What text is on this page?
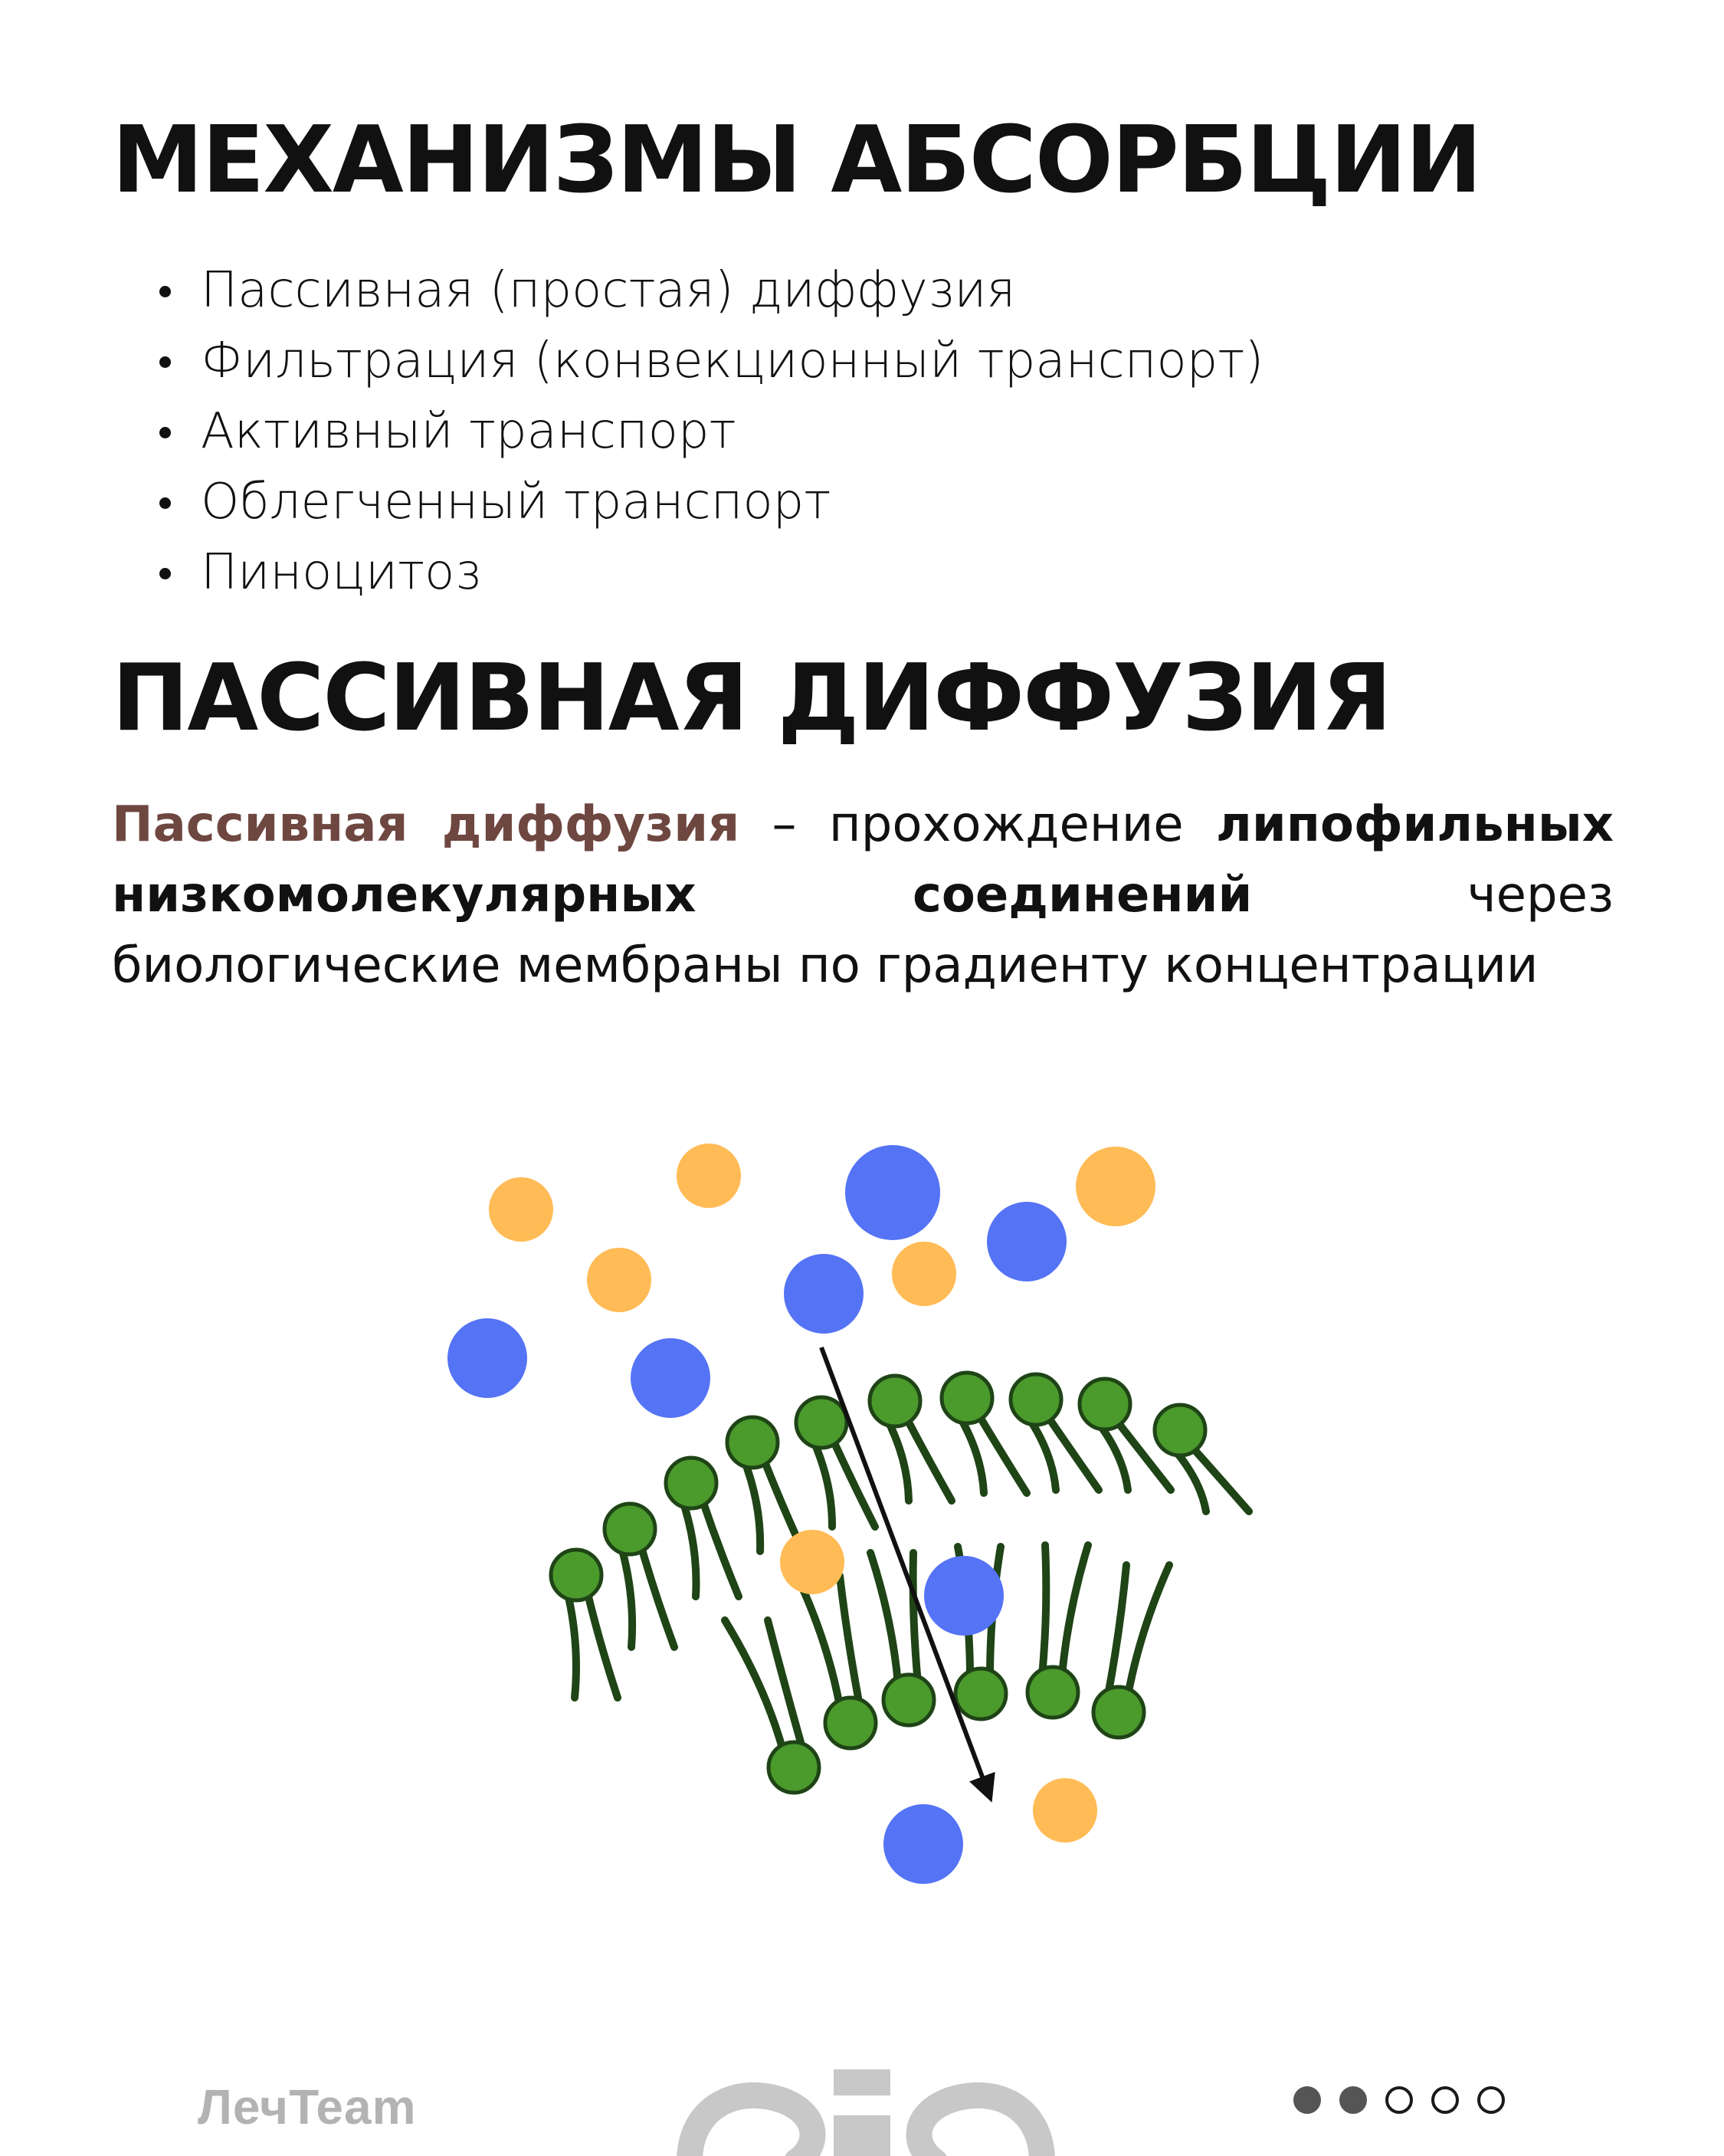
МЕХАНИЗМЫ АБСОРБЦИИ
Пассивная (простая) диффузия
Фильтрация (конвекционный транспорт)
Активный транспорт
Облегченный транспорт
Пиноцитоз
ПАССИВНАЯ ДИФФУЗИЯ

Пассивная диффузия – прохождение липофильных низкомолекулярных соединений через биологические мембраны по градиенту концентрации

ЛечTeam
